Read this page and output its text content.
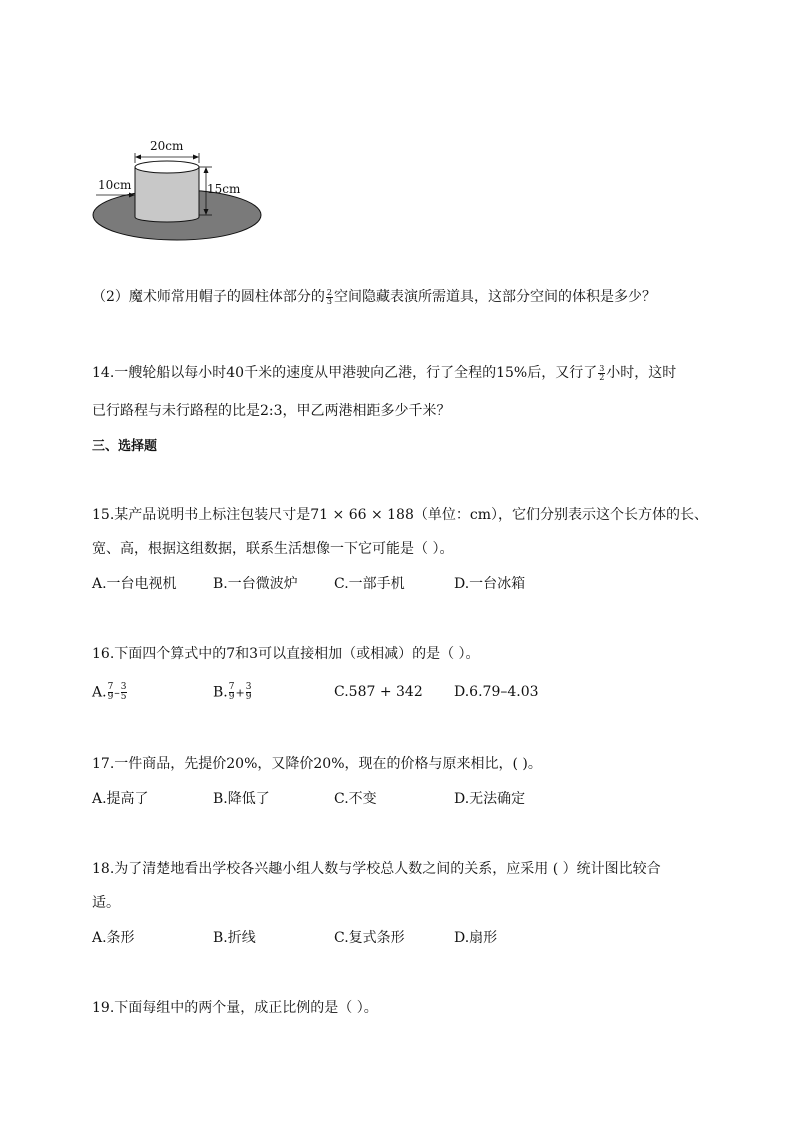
20cm
15cm
10cm
（2）魔术师常用帽子的圆柱体部分的 $\frac{2}{3}$ 空间隐藏表演所需道具，这部分空间的体积是多少？
14.一艘轮船以每小时40千米的速度从甲港驶向乙港，行了全程的15%后，又行了 $\frac{3}{2}$ 小时，这时
已行路程与未行路程的比是2:3，甲乙两港相距多少千米？
三、选择题
15.某产品说明书上标注包装尺寸是71 × 66 × 188（单位：cm），它们分别表示这个长方体的长、
宽、高，根据这组数据，联系生活想像一下它可能是（ ）。
A.一台电视机	B.一台微波炉	C.一部手机	D.一台冰箱
16.下面四个算式中的7和3可以直接相加（或相减）的是（ ）。
A. $\frac{7}{9} - \frac{3}{5}$	B. $\frac{7}{9} + \frac{3}{9}$	C.587 + 342 D.6.79–4.03
17.一件商品，先提价20%，又降价20%，现在的价格与原来相比，( )。
A.提高了	B.降低了	C.不变	D.无法确定
18.为了清楚地看出学校各兴趣小组人数与学校总人数之间的关系，应采用 ( ）统计图比较合
适。
A.条形	B.折线	C.复式条形	D.扇形
19.下面每组中的两个量，成正比例的是（ ）。
